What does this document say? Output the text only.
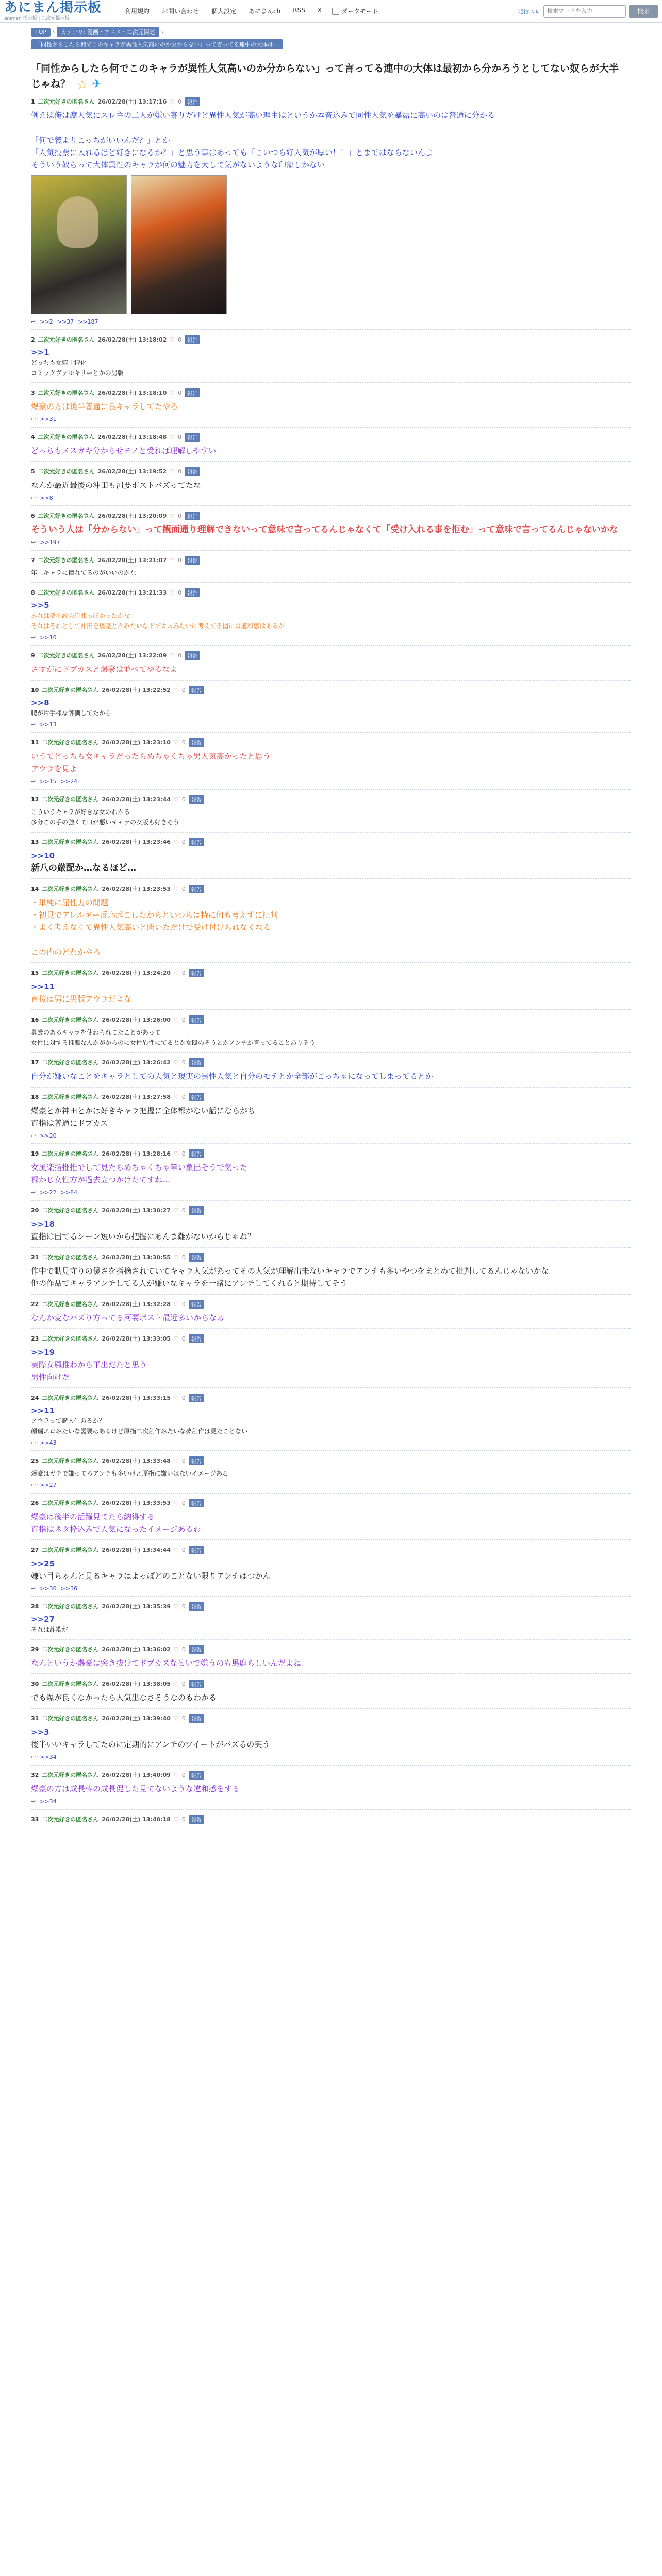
あにまん掲示板
animan 掲示板 | 二次元掲示板
利用規約 お問い合わせ 個人設定 あにまんch RSS X	ダークモード	発行スレ
検索ワードを入力	検索
TOP	›	カテゴリ: 漫画・アニメ・二次元関連	›
「同性からしたら何でこのキャラが異性人気高いのか分からない」って言ってる連中の大体は…
「同性からしたら何でこのキャラが異性人気高いのか分からない」って言ってる連中の大体は最初から分かろうとしてない奴らが大半じゃね？ ☆ ✈
1 二次元好きの匿名さん 26/02/28(土) 13:17:16 ♡ 0	報告
例えば俺は腐人気にスレ主の二人が嫌い寄りだけど異性人気が高い理由はというか本音込みで同性人気を暴露に高いのは普通に分かる
「何で義よりこっちがいいんだ？」とか
「人気投票に入れるほど好きになるか？」と思う事はあっても「こいつら好人気が厚い！！」とまではならないんよ
そういう奴らって大体異性のキャラが何の魅力を大して気がないような印象しかない
↩ >>2 >>37 >>187
2 二次元好きの匿名さん 26/02/28(土) 13:18:02 ♡ 0	報告
>>1
どっちも女騎士特化
コミックヴァルキリーとかの男版
3 二次元好きの匿名さん 26/02/28(土) 13:18:10 ♡ 0	報告
爆豪の方は後半普通に良キャラしてたやろ
↩ >>31
4 二次元好きの匿名さん 26/02/28(土) 13:18:48 ♡ 0	報告
どっちもメスガキ分からせモノと受れば理解しやすい
5 二次元好きの匿名さん 26/02/28(土) 13:19:52 ♡ 0	報告
なんか最近最後の沖田も河要ポストバズってたな
↩ >>8
6 二次元好きの匿名さん 26/02/28(土) 13:20:09 ♡ 0	報告
そういう人は「分からない」って観面通り理解できないって意味で言ってるんじゃなくて「受け入れる事を拒む」って意味で言ってるんじゃないかな
↩ >>197
7 二次元好きの匿名さん 26/02/28(土) 13:21:07 ♡ 0	報告
年上キャラに憧れてるのがいいのかな
8 二次元好きの匿名さん 26/02/28(土) 13:21:33 ♡ 0	報告
>>5
あれは夢小説の冷凍っぽかったかな
それはそれとして沖田を爆豪とかみたいなドブカスみたいに考えてる図には違和感はあるが
↩ >>10
9 二次元好きの匿名さん 26/02/28(土) 13:22:09 ♡ 0	報告
さすがにドブカスと爆豪は並べてやるなよ
10 二次元好きの匿名さん 26/02/28(土) 13:22:52 ♡ 0	報告
>>8
爬が片手様な評価してたから
↩ >>13
11 二次元好きの匿名さん 26/02/28(土) 13:23:10 ♡ 0	報告
いうてどっちも女キャラだったらめちゃくちゃ男人気高かったと思う
アウラを見よ
↩ >>15 >>24
12 二次元好きの匿名さん 26/02/28(土) 13:23:44 ♡ 0	報告
こういうキャラが好きな女のわかる
多分この手の強くて口が悪いキャラの女版も好きそう
13 二次元好きの匿名さん 26/02/28(土) 13:23:46 ♡ 0	報告
>>10
新八の厳配か…なるほど…
14 二次元好きの匿名さん 26/02/28(土) 13:23:53 ♡ 0	報告
・単純に屈性力の問題
・初見でアレルギー反応起こしたからといつらは特に何も考えずに批判
・よく考えなくて異性人気高いと聞いただけで受け付けられなくなる
この内のどれかやろ
15 二次元好きの匿名さん 26/02/28(土) 13:24:20 ♡ 0	報告
>>11
直接は男に男版アウラだよな
16 二次元好きの匿名さん 26/02/28(土) 13:26:00 ♡ 0	報告
尊厳のあるキャラを使わられてたことがあって
女性に対する推薦なんかがからのに女性異性にてるとか女殴のそうとかアンチが言ってることありそう
17 二次元好きの匿名さん 26/02/28(土) 13:26:42 ♡ 0	報告
自分が嫌いなことをキャラとしての人気と現実の異性人気と自分のモテとか全部がごっちゃになってしまってるとか
18 二次元好きの匿名さん 26/02/28(土) 13:27:58 ♡ 0	報告
爆豪とか神田とかは好きキャラ把握に全体都がない話にならがち
直指は普通にドブカス
↩ >>20
19 二次元好きの匿名さん 26/02/28(土) 13:28:16 ♡ 0	報告
女風楽指推推でして見たらめちゃくちゃ筆い象出そうで気った
裸かじ女性方が過去立つかけたてすね…
↩ >>22 >>84
20 二次元好きの匿名さん 26/02/28(土) 13:30:27 ♡ 0	報告
>>18
直指は出てるシーン短いから把握にあんま難がないからじゃね？
21 二次元好きの匿名さん 26/02/28(土) 13:30:55 ♡ 0	報告
作中で動見守りの優さを指摘されていてキャラ人気があってその人気が理解出来ないキャラでアンチも多いやつをまとめて批判してるんじゃないかな
他の作品でキャラアンチしてる人が嫌いなキャラを一緒にアンチしてくれると期待してそう
22 二次元好きの匿名さん 26/02/28(土) 13:32:28 ♡ 0	報告
なんか変なバズり方ってる河要ポスト最近多いからなぁ
23 二次元好きの匿名さん 26/02/28(土) 13:33:05 ♡ 0	報告
>>19
実際女風推わから平出だたと思う
男性向けだ
24 二次元好きの匿名さん 26/02/28(土) 13:33:15 ♡ 0	報告
>>11
アウラって購入生あるか？
顔瑞エロみたいな需要はあるけど原指二次創作みたいな夢創作は見たことない
↩ >>43
25 二次元好きの匿名さん 26/02/28(土) 13:33:48 ♡ 0	報告
爆豪はガチで嫌ってるアンチも多いけど原指に嫌いはないイメージある
↩ >>27
26 二次元好きの匿名さん 26/02/28(土) 13:33:53 ♡ 0	報告
爆豪は後半の活躍見てたら納得する
直指はネタ枠込みで人気になったイメージあるわ
27 二次元好きの匿名さん 26/02/28(土) 13:34:44 ♡ 0	報告
>>25
嫌い目ちゃんと見るキャラはよっぽどのことない限りアンチはつかん
↩ >>30 >>36
28 二次元好きの匿名さん 26/02/28(土) 13:35:39 ♡ 0	報告
>>27
それは詐欺だ
29 二次元好きの匿名さん 26/02/28(土) 13:36:02 ♡ 0	報告
なんというか爆豪は突き抜けてドブカスなせいで嫌うのも馬鹿らしいんだよね
30 二次元好きの匿名さん 26/02/28(土) 13:38:05 ♡ 0	報告
でも爆が良くなかったら人気出なさそうなのもわかる
31 二次元好きの匿名さん 26/02/28(土) 13:39:40 ♡ 0	報告
>>3
後半いいキャラしてたのに定期的にアンチのツイートがバズるの笑う
↩ >>34
32 二次元好きの匿名さん 26/02/28(土) 13:40:09 ♡ 0	報告
爆豪の方は成長枠の成長促した見てないような違和感をする
↩ >>34
33 二次元好きの匿名さん 26/02/28(土) 13:40:18 ♡ 0	報告
